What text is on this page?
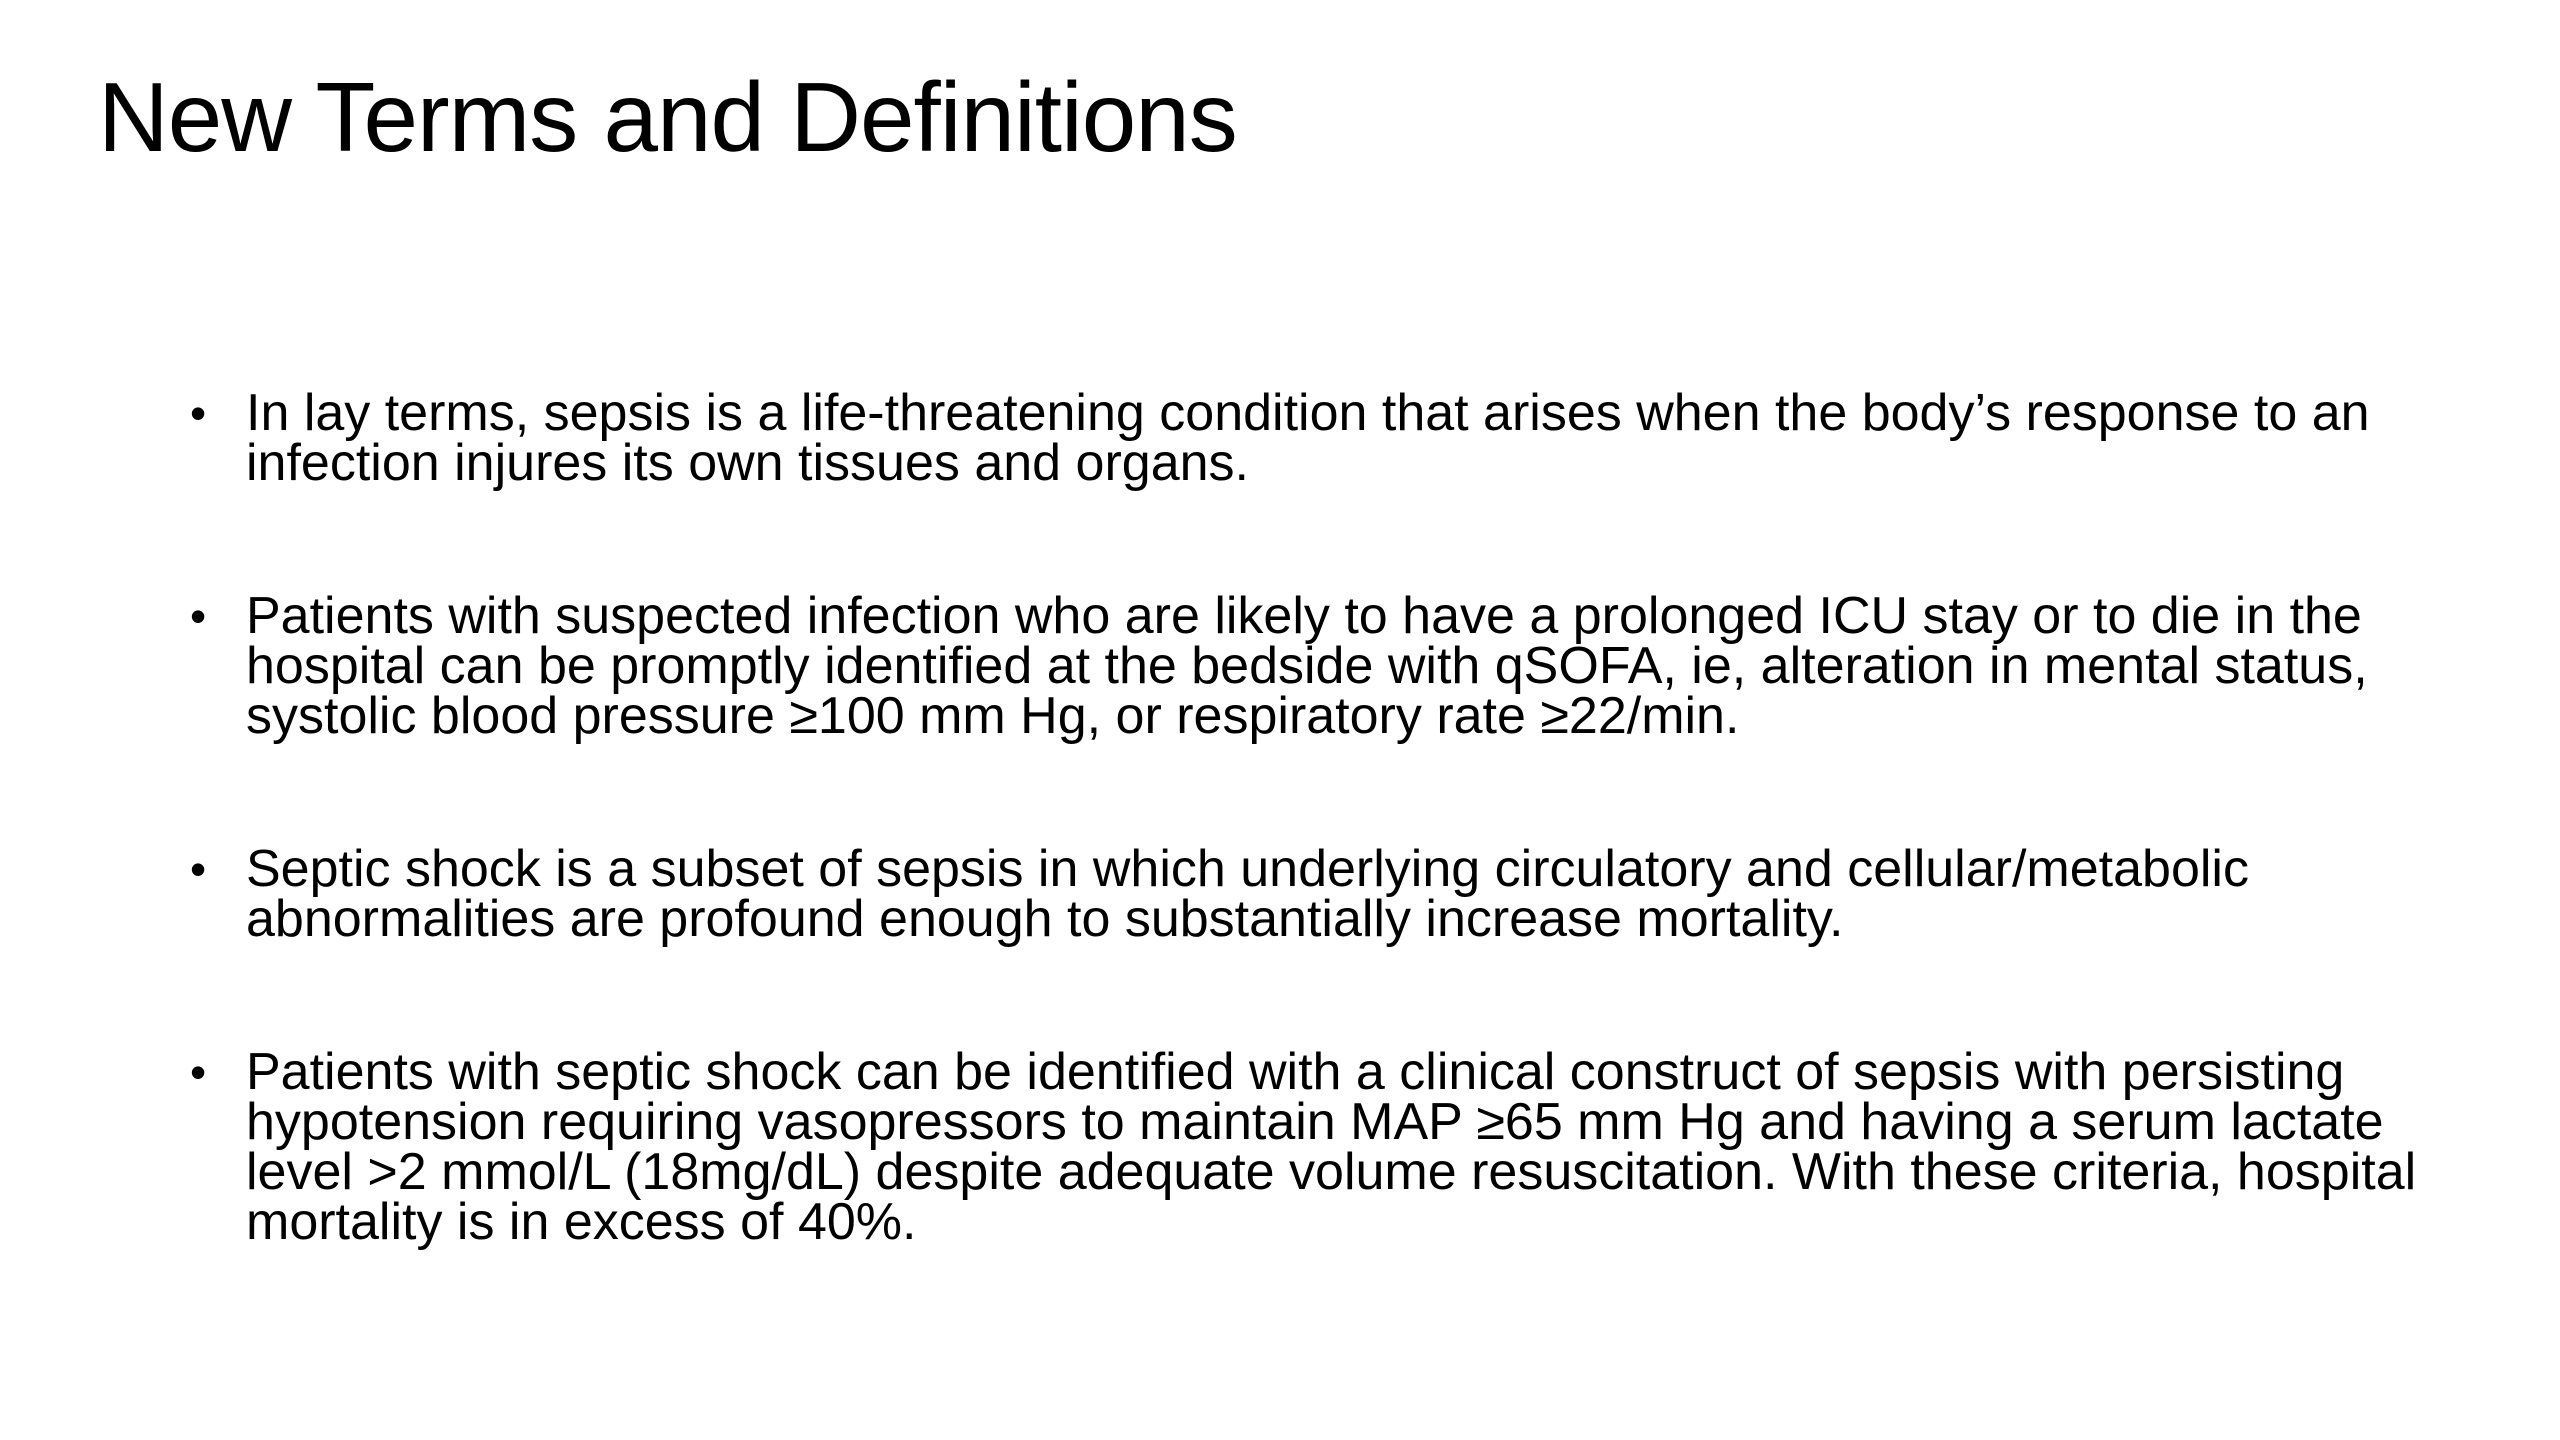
New Terms and Definitions
• In lay terms, sepsis is a life-threatening condition that arises when the body’s response to an infection injures its own tissues and organs.
• Patients with suspected infection who are likely to have a prolonged ICU stay or to die in the hospital can be promptly identified at the bedside with qSOFA, ie, alteration in mental status, systolic blood pressure ≥100 mm Hg, or respiratory rate ≥22/min.
• Septic shock is a subset of sepsis in which underlying circulatory and cellular/metabolic abnormalities are profound enough to substantially increase mortality.
• Patients with septic shock can be identified with a clinical construct of sepsis with persisting hypotension requiring vasopressors to maintain MAP ≥65 mm Hg and having a serum lactate level >2 mmol/L (18mg/dL) despite adequate volume resuscitation. With these criteria, hospital mortality is in excess of 40%.
